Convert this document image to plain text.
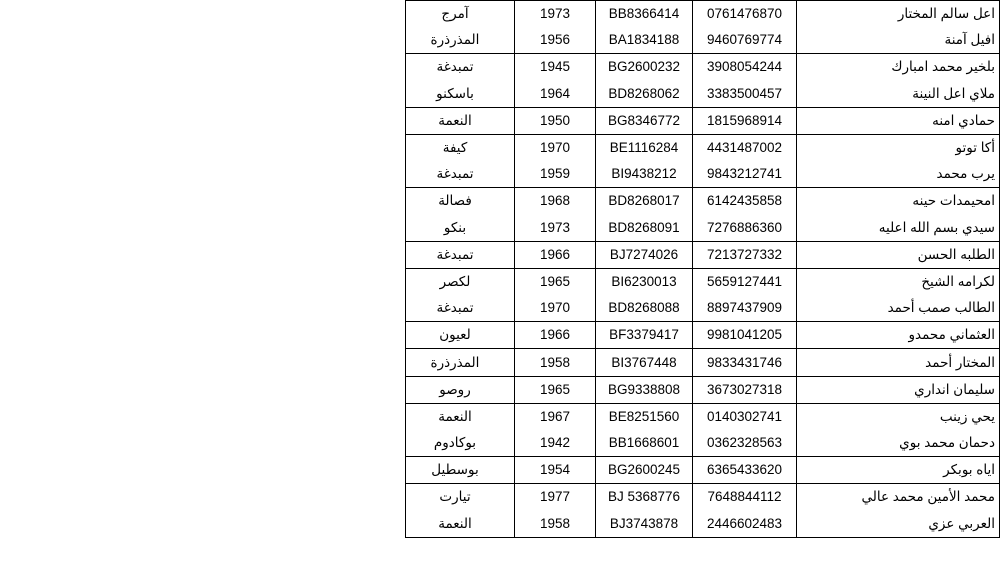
آمرج	1973	BB8366414	0761476870	اعل سالم المختار
المذرذرة	1956	BA1834188	9460769774	افيل آمنة
تمبدغة	1945	BG2600232	3908054244	بلخير محمد امبارك
باسكنو	1964	BD8268062	3383500457	ملاي اعل النينة
النعمة	1950	BG8346772	1815968914	حمادي امنه
كيفة	1970	BE1116284	4431487002	أكا توتو
تمبدغة	1959	BI9438212	9843212741	يرب محمد
فصالة	1968	BD8268017	6142435858	امحيمدات حينه
بنكو	1973	BD8268091	7276886360	سيدي بسم الله اعليه
تمبدغة	1966	BJ7274026	7213727332	الطلبه الحسن
لكصر	1965	BI6230013	5659127441	لكرامه الشيخ
تمبدغة	1970	BD8268088	8897437909	الطالب صمب أحمد
لعيون	1966	BF3379417	9981041205	العثماني محمدو
المذرذرة	1958	BI3767448	9833431746	المختار أحمد
روصو	1965	BG9338808	3673027318	سليمان انداري
النعمة	1967	BE8251560	0140302741	يحي زينب
بوكادوم	1942	BB1668601	0362328563	دحمان محمد بوي
بوسطيل	1954	BG2600245	6365433620	اياه بوبكر
تيارت	1977	BJ 5368776	7648844112	محمد الأمين محمد عالي
النعمة	1958	BJ3743878	2446602483	العربي عزي
